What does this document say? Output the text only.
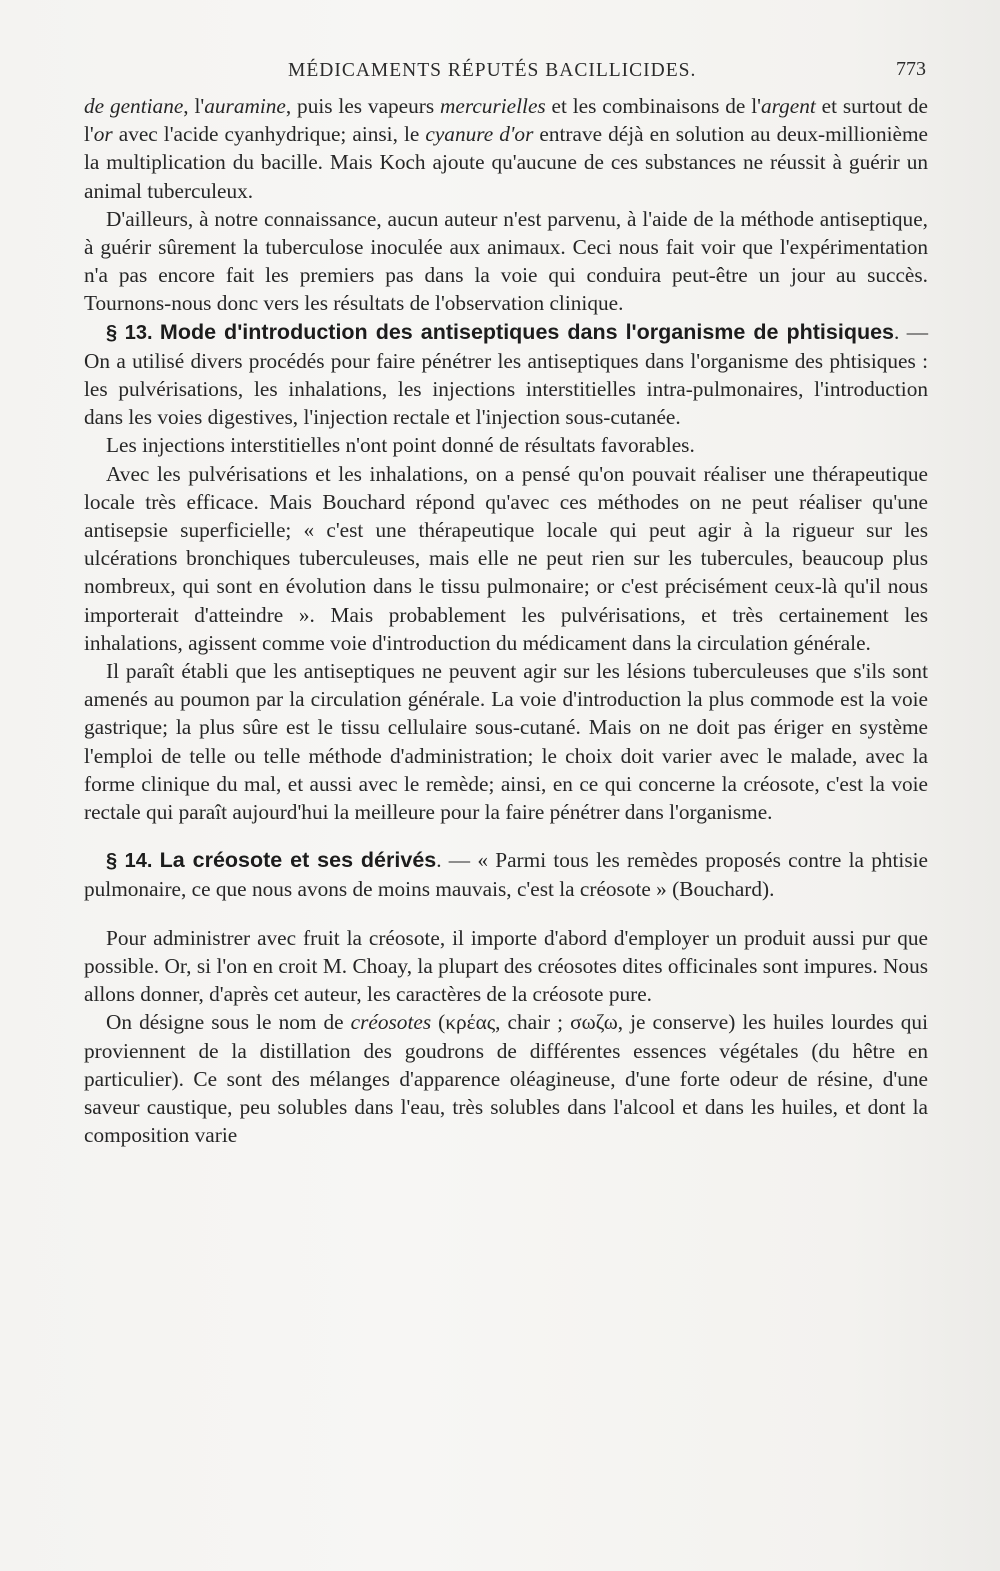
MÉDICAMENTS RÉPUTÉS BACILLICIDES.	773

de gentiane, l'auramine, puis les vapeurs mercurielles et les combinaisons de l'argent et surtout de l'or avec l'acide cyanhydrique; ainsi, le cyanure d'or entrave déjà en solution au deux-millionième la multiplication du bacille. Mais Koch ajoute qu'aucune de ces substances ne réussit à guérir un animal tuberculeux.

D'ailleurs, à notre connaissance, aucun auteur n'est parvenu, à l'aide de la méthode antiseptique, à guérir sûrement la tuberculose inoculée aux animaux. Ceci nous fait voir que l'expérimentation n'a pas encore fait les premiers pas dans la voie qui conduira peut-être un jour au succès. Tournons-nous donc vers les résultats de l'observation clinique.

§ 13. Mode d'introduction des antiseptiques dans l'organisme de phtisiques. — On a utilisé divers procédés pour faire pénétrer les antiseptiques dans l'organisme des phtisiques : les pulvérisations, les inhalations, les injections interstitielles intra-pulmonaires, l'introduction dans les voies digestives, l'injection rectale et l'injection sous-cutanée.

Les injections interstitielles n'ont point donné de résultats favorables.

Avec les pulvérisations et les inhalations, on a pensé qu'on pouvait réaliser une thérapeutique locale très efficace. Mais Bouchard répond qu'avec ces méthodes on ne peut réaliser qu'une antisepsie superficielle; « c'est une thérapeutique locale qui peut agir à la rigueur sur les ulcérations bronchiques tuberculeuses, mais elle ne peut rien sur les tubercules, beaucoup plus nombreux, qui sont en évolution dans le tissu pulmonaire; or c'est précisément ceux-là qu'il nous importerait d'atteindre ». Mais probablement les pulvérisations, et très certainement les inhalations, agissent comme voie d'introduction du médicament dans la circulation générale.

Il paraît établi que les antiseptiques ne peuvent agir sur les lésions tuberculeuses que s'ils sont amenés au poumon par la circulation générale. La voie d'introduction la plus commode est la voie gastrique; la plus sûre est le tissu cellulaire sous-cutané. Mais on ne doit pas ériger en système l'emploi de telle ou telle méthode d'administration; le choix doit varier avec le malade, avec la forme clinique du mal, et aussi avec le remède; ainsi, en ce qui concerne la créosote, c'est la voie rectale qui paraît aujourd'hui la meilleure pour la faire pénétrer dans l'organisme.

§ 14. La créosote et ses dérivés. — « Parmi tous les remèdes proposés contre la phtisie pulmonaire, ce que nous avons de moins mauvais, c'est la créosote » (Bouchard).

Pour administrer avec fruit la créosote, il importe d'abord d'employer un produit aussi pur que possible. Or, si l'on en croit M. Choay, la plupart des créosotes dites officinales sont impures. Nous allons donner, d'après cet auteur, les caractères de la créosote pure.

On désigne sous le nom de créosotes (κρέας, chair ; σωζω, je conserve) les huiles lourdes qui proviennent de la distillation des goudrons de différentes essences végétales (du hêtre en particulier). Ce sont des mélanges d'apparence oléagineuse, d'une forte odeur de résine, d'une saveur caustique, peu solubles dans l'eau, très solubles dans l'alcool et dans les huiles, et dont la composition varie
